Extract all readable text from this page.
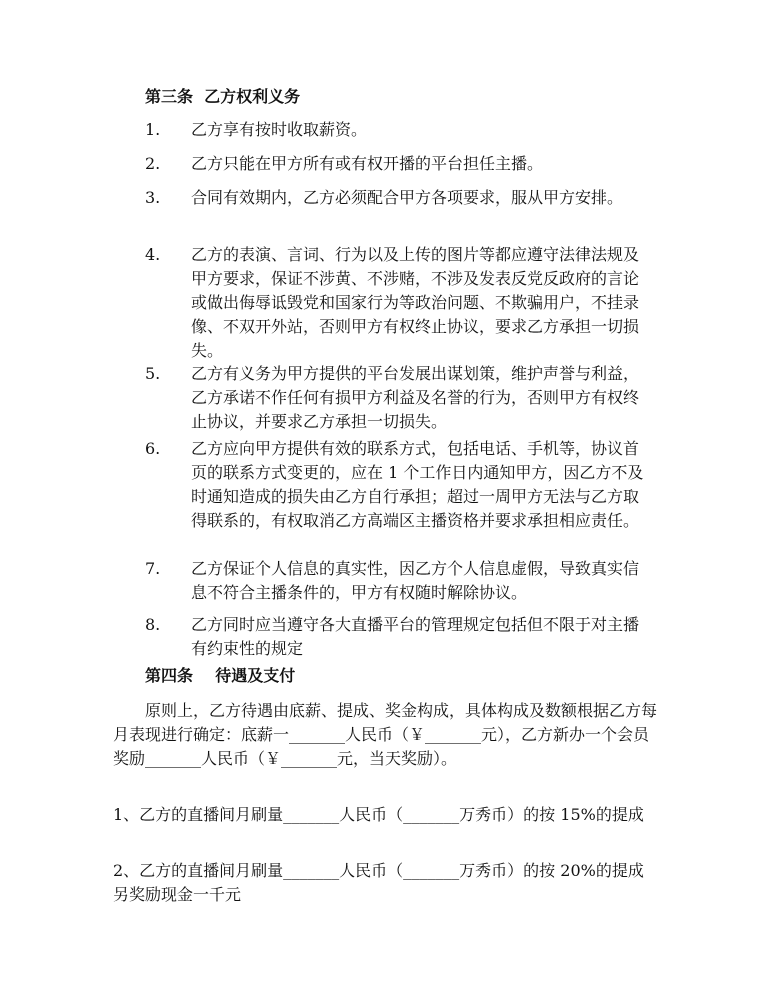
第三条  乙方权利义务
1.	乙方享有按时收取薪资。
2.	乙方只能在甲方所有或有权开播的平台担任主播。
3.	合同有效期内，乙方必须配合甲方各项要求，服从甲方安排。
4.	乙方的表演、言词、行为以及上传的图片等都应遵守法律法规及甲方要求，保证不涉黄、不涉赌，不涉及发表反党反政府的言论或做出侮辱诋毁党和国家行为等政治问题、不欺骗用户，不挂录像、不双开外站，否则甲方有权终止协议，要求乙方承担一切损失。
5.	乙方有义务为甲方提供的平台发展出谋划策，维护声誉与利益，乙方承诺不作任何有损甲方利益及名誉的行为，否则甲方有权终止协议，并要求乙方承担一切损失。
6.	乙方应向甲方提供有效的联系方式，包括电话、手机等，协议首页的联系方式变更的，应在 1 个工作日内通知甲方，因乙方不及时通知造成的损失由乙方自行承担；超过一周甲方无法与乙方取得联系的，有权取消乙方高端区主播资格并要求承担相应责任。
7.	乙方保证个人信息的真实性，因乙方个人信息虚假，导致真实信息不符合主播条件的，甲方有权随时解除协议。
8.	乙方同时应当遵守各大直播平台的管理规定包括但不限于对主播有约束性的规定
第四条    待遇及支付
原则上，乙方待遇由底薪、提成、奖金构成，具体构成及数额根据乙方每月表现进行确定：底薪一_______人民币（￥_______元），乙方新办一个会员奖励_______人民币（￥_______元，当天奖励）。
1、乙方的直播间月刷量_______人民币（_______万秀币）的按 15%的提成
2、乙方的直播间月刷量_______人民币（_______万秀币）的按 20%的提成另奖励现金一千元
